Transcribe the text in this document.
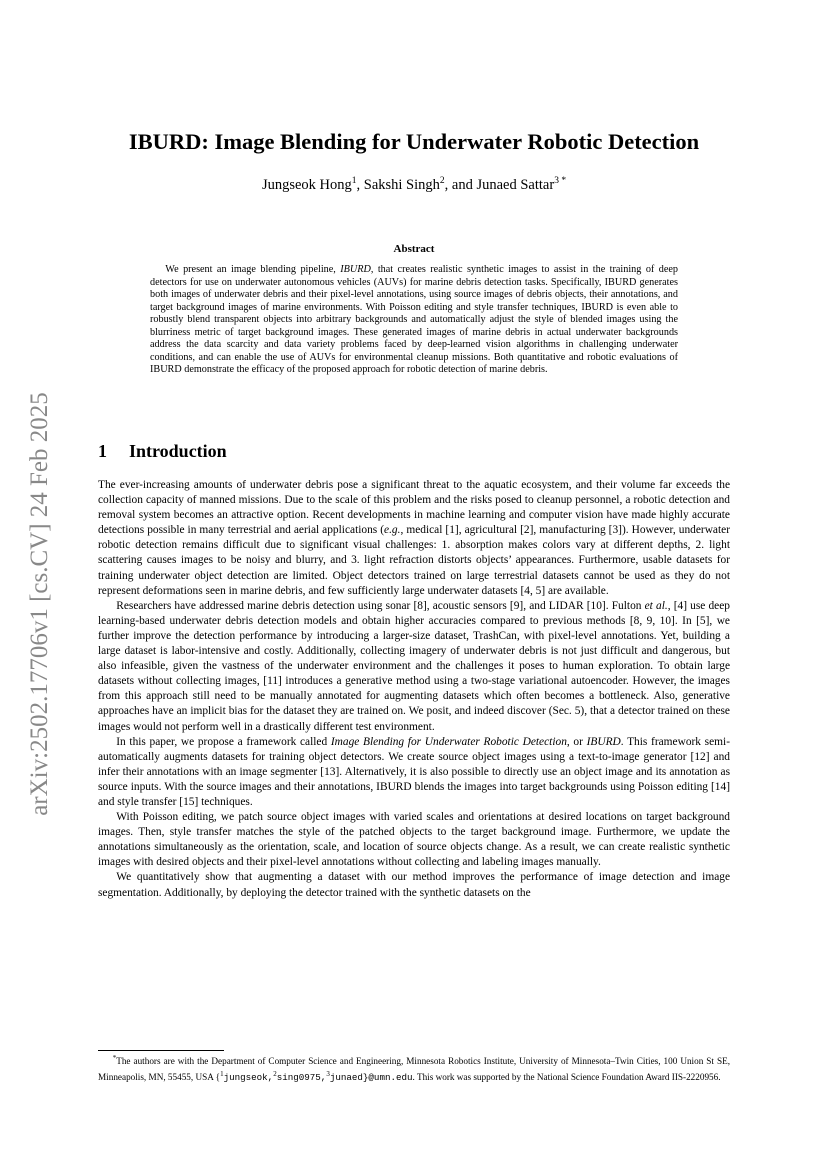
arXiv:2502.17706v1 [cs.CV] 24 Feb 2025
IBURD: Image Blending for Underwater Robotic Detection
Jungseok Hong$^1$, Sakshi Singh$^2$, and Junaed Sattar$^{3 *}$
Abstract

We present an image blending pipeline, IBURD, that creates realistic synthetic images to assist in the training of deep detectors for use on underwater autonomous vehicles (AUVs) for marine debris detection tasks. Specifically, IBURD generates both images of underwater debris and their pixel-level annotations, using source images of debris objects, their annotations, and target background images of marine environments. With Poisson editing and style transfer techniques, IBURD is even able to robustly blend transparent objects into arbitrary backgrounds and automatically adjust the style of blended images using the blurriness metric of target background images. These generated images of marine debris in actual underwater backgrounds address the data scarcity and data variety problems faced by deep-learned vision algorithms in challenging underwater conditions, and can enable the use of AUVs for environmental cleanup missions. Both quantitative and robotic evaluations of IBURD demonstrate the efficacy of the proposed approach for robotic detection of marine debris.

1 Introduction

The ever-increasing amounts of underwater debris pose a significant threat to the aquatic ecosystem, and their volume far exceeds the collection capacity of manned missions. Due to the scale of this problem and the risks posed to cleanup personnel, a robotic detection and removal system becomes an attractive option. Recent developments in machine learning and computer vision have made highly accurate detections possible in many terrestrial and aerial applications (e.g., medical [1], agricultural [2], manufacturing [3]). However, underwater robotic detection remains difficult due to significant visual challenges: 1. absorption makes colors vary at different depths, 2. light scattering causes images to be noisy and blurry, and 3. light refraction distorts objects’ appearances. Furthermore, usable datasets for training underwater object detection are limited. Object detectors trained on large terrestrial datasets cannot be used as they do not represent deformations seen in marine debris, and few sufficiently large underwater datasets [4, 5] are available.

Researchers have addressed marine debris detection using sonar [8], acoustic sensors [9], and LIDAR [10]. Fulton et al., [4] use deep learning-based underwater debris detection models and obtain higher accuracies compared to previous methods [8, 9, 10]. In [5], we further improve the detection performance by introducing a larger-size dataset, TrashCan, with pixel-level annotations. Yet, building a large dataset is labor-intensive and costly. Additionally, collecting imagery of underwater debris is not just difficult and dangerous, but also infeasible, given the vastness of the underwater environment and the challenges it poses to human exploration. To obtain large datasets without collecting images, [11] introduces a generative method using a two-stage variational autoencoder. However, the images from this approach still need to be manually annotated for augmenting datasets which often becomes a bottleneck. Also, generative approaches have an implicit bias for the dataset they are trained on. We posit, and indeed discover (Sec. 5), that a detector trained on these images would not perform well in a drastically different test environment.

In this paper, we propose a framework called Image Blending for Underwater Robotic Detection, or IBURD. This framework semi-automatically augments datasets for training object detectors. We create source object images using a text-to-image generator [12] and infer their annotations with an image segmenter [13]. Alternatively, it is also possible to directly use an object image and its annotation as source inputs. With the source images and their annotations, IBURD blends the images into target backgrounds using Poisson editing [14] and style transfer [15] techniques.

With Poisson editing, we patch source object images with varied scales and orientations at desired locations on target background images. Then, style transfer matches the style of the patched objects to the target background image. Furthermore, we update the annotations simultaneously as the orientation, scale, and location of source objects change. As a result, we can create realistic synthetic images with desired objects and their pixel-level annotations without collecting and labeling images manually.

We quantitatively show that augmenting a dataset with our method improves the performance of image detection and image segmentation. Additionally, by deploying the detector trained with the synthetic datasets on the

*The authors are with the Department of Computer Science and Engineering, Minnesota Robotics Institute, University of Minnesota–Twin Cities, 100 Union St SE, Minneapolis, MN, 55455, USA {$^1$jungseok,$^2$sing0975,$^3$junaed}@umn.edu. This work was supported by the National Science Foundation Award IIS-2220956.
